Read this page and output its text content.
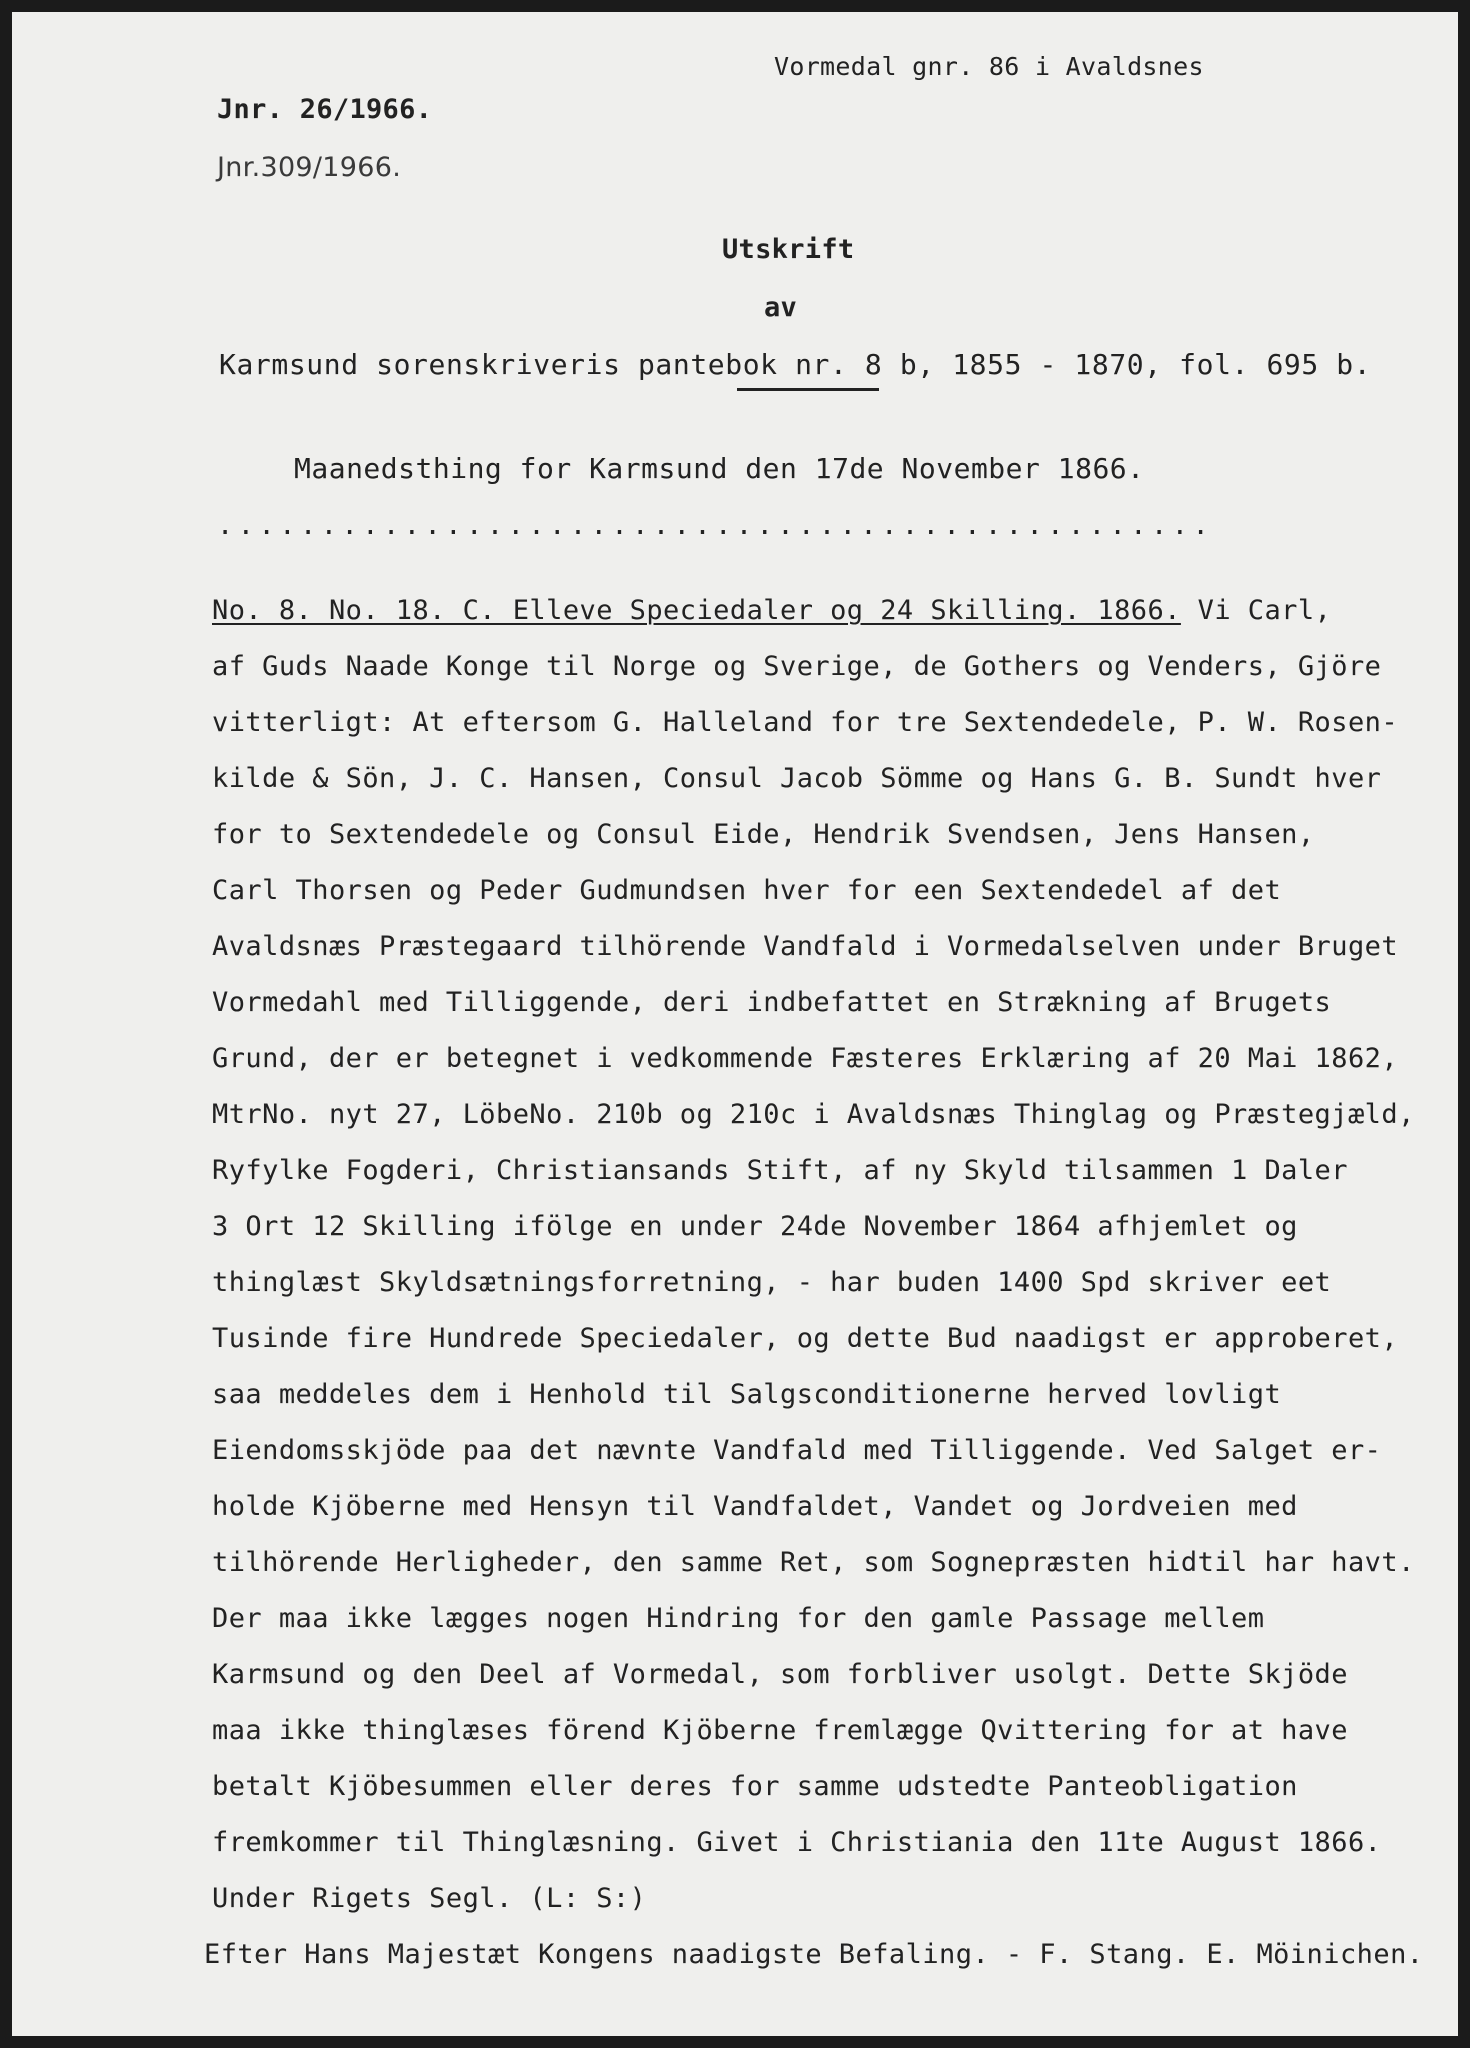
Vormedal gnr. 86 i Avaldsnes
Jnr. 26/1966.
Jnr.309/1966.
Utskrift
av
Karmsund sorenskriveris pantebok nr. 8 b, 1855 - 1870, fol. 695 b.
Maanedsthing for Karmsund den 17de November 1866.
................................................
No. 8. No. 18. C. Elleve Speciedaler og 24 Skilling. 1866. Vi Carl,
af Guds Naade Konge til Norge og Sverige, de Gothers og Venders, Gjöre
vitterligt: At eftersom G. Halleland for tre Sextendedele, P. W. Rosen-
kilde & Sön, J. C. Hansen, Consul Jacob Sömme og Hans G. B. Sundt hver
for to Sextendedele og Consul Eide, Hendrik Svendsen, Jens Hansen,
Carl Thorsen og Peder Gudmundsen hver for een Sextendedel af det
Avaldsnæs Præstegaard tilhörende Vandfald i Vormedalselven under Bruget
Vormedahl med Tilliggende, deri indbefattet en Strækning af Brugets
Grund, der er betegnet i vedkommende Fæsteres Erklæring af 20 Mai 1862,
MtrNo. nyt 27, LöbeNo. 210b og 210c i Avaldsnæs Thinglag og Præstegjæld,
Ryfylke Fogderi, Christiansands Stift, af ny Skyld tilsammen 1 Daler
3 Ort 12 Skilling ifölge en under 24de November 1864 afhjemlet og
thinglæst Skyldsætningsforretning, - har buden 1400 Spd skriver eet
Tusinde fire Hundrede Speciedaler, og dette Bud naadigst er approberet,
saa meddeles dem i Henhold til Salgsconditionerne herved lovligt
Eiendomsskjöde paa det nævnte Vandfald med Tilliggende. Ved Salget er-
holde Kjöberne med Hensyn til Vandfaldet, Vandet og Jordveien med
tilhörende Herligheder, den samme Ret, som Sognepræsten hidtil har havt.
Der maa ikke lægges nogen Hindring for den gamle Passage mellem
Karmsund og den Deel af Vormedal, som forbliver usolgt. Dette Skjöde
maa ikke thinglæses förend Kjöberne fremlægge Qvittering for at have
betalt Kjöbesummen eller deres for samme udstedte Panteobligation
fremkommer til Thinglæsning. Givet i Christiania den 11te August 1866.
Under Rigets Segl. (L: S:)
Efter Hans Majestæt Kongens naadigste Befaling. - F. Stang. E. Möinichen.
